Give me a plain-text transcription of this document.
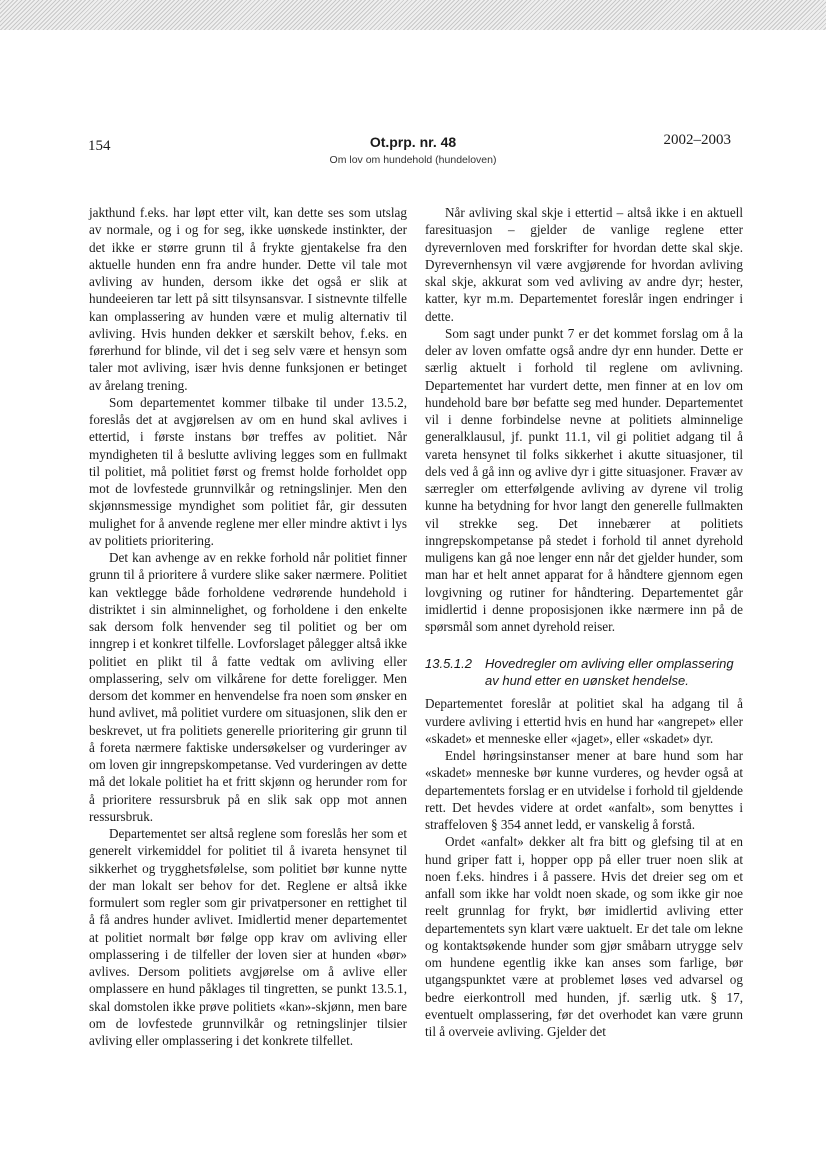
154	Ot.prp. nr. 48
Om lov om hundehold (hundeloven)
2002–2003

jakthund f.eks. har løpt etter vilt, kan dette ses som utslag av normale, og i og for seg, ikke uønskede instinkter, der det ikke er større grunn til å frykte gjentakelse fra den aktuelle hunden enn fra andre hunder. Dette vil tale mot avliving av hunden, dersom ikke det også er slik at hundeeieren tar lett på sitt tilsynsansvar. I sistnevnte tilfelle kan omplassering av hunden være et mulig alternativ til avliving. Hvis hunden dekker et særskilt behov, f.eks. en førerhund for blinde, vil det i seg selv være et hensyn som taler mot avliving, især hvis denne funksjonen er betinget av årelang trening.

Som departementet kommer tilbake til under 13.5.2, foreslås det at avgjørelsen av om en hund skal avlives i ettertid, i første instans bør treffes av politiet. Når myndigheten til å beslutte avliving legges som en fullmakt til politiet, må politiet først og fremst holde forholdet opp mot de lovfestede grunnvilkår og retningslinjer. Men den skjønnsmessige myndighet som politiet får, gir dessuten mulighet for å anvende reglene mer eller mindre aktivt i lys av politiets prioritering.

Det kan avhenge av en rekke forhold når politiet finner grunn til å prioritere å vurdere slike saker nærmere. Politiet kan vektlegge både forholdene vedrørende hundehold i distriktet i sin alminnelighet, og forholdene i den enkelte sak dersom folk henvender seg til politiet og ber om inngrep i et konkret tilfelle. Lovforslaget pålegger altså ikke politiet en plikt til å fatte vedtak om avliving eller omplassering, selv om vilkårene for dette foreligger. Men dersom det kommer en henvendelse fra noen som ønsker en hund avlivet, må politiet vurdere om situasjonen, slik den er beskrevet, ut fra politiets generelle prioritering gir grunn til å foreta nærmere faktiske undersøkelser og vurderinger av om loven gir inngrepskompetanse. Ved vurderingen av dette må det lokale politiet ha et fritt skjønn og herunder rom for å prioritere ressursbruk på en slik sak opp mot annen ressursbruk.

Departementet ser altså reglene som foreslås her som et generelt virkemiddel for politiet til å ivareta hensynet til sikkerhet og trygghetsfølelse, som politiet bør kunne nytte der man lokalt ser behov for det. Reglene er altså ikke formulert som regler som gir privatpersoner en rettighet til å få andres hunder avlivet. Imidlertid mener departementet at politiet normalt bør følge opp krav om avliving eller omplassering i de tilfeller der loven sier at hunden «bør» avlives. Dersom politiets avgjørelse om å avlive eller omplassere en hund påklages til tingretten, se punkt 13.5.1, skal domstolen ikke prøve politiets «kan»-skjønn, men bare om de lovfestede grunnvilkår og retningslinjer tilsier avliving eller omplassering i det konkrete tilfellet.

Når avliving skal skje i ettertid – altså ikke i en aktuell faresituasjon – gjelder de vanlige reglene etter dyrevernloven med forskrifter for hvordan dette skal skje. Dyrevernhensyn vil være avgjørende for hvordan avliving skal skje, akkurat som ved avliving av andre dyr; hester, katter, kyr m.m. Departementet foreslår ingen endringer i dette.

Som sagt under punkt 7 er det kommet forslag om å la deler av loven omfatte også andre dyr enn hunder. Dette er særlig aktuelt i forhold til reglene om avlivning. Departementet har vurdert dette, men finner at en lov om hundehold bare bør befatte seg med hunder. Departementet vil i denne forbindelse nevne at politiets alminnelige generalklausul, jf. punkt 11.1, vil gi politiet adgang til å vareta hensynet til folks sikkerhet i akutte situasjoner, til dels ved å gå inn og avlive dyr i gitte situasjoner. Fravær av særregler om etterfølgende avliving av dyrene vil trolig kunne ha betydning for hvor langt den generelle fullmakten vil strekke seg. Det innebærer at politiets inngrepskompetanse på stedet i forhold til annet dyrehold muligens kan gå noe lenger enn når det gjelder hunder, som man har et helt annet apparat for å håndtere gjennom egen lovgivning og rutiner for håndtering. Departementet går imidlertid i denne proposisjonen ikke nærmere inn på de spørsmål som annet dyrehold reiser.

13.5.1.2	Hovedregler om avliving eller omplassering av hund etter en uønsket hendelse.

Departementet foreslår at politiet skal ha adgang til å vurdere avliving i ettertid hvis en hund har «angrepet» eller «skadet» et menneske eller «jaget», eller «skadet» dyr.

Endel høringsinstanser mener at bare hund som har «skadet» menneske bør kunne vurderes, og hevder også at departementets forslag er en utvidelse i forhold til gjeldende rett. Det hevdes videre at ordet «anfalt», som benyttes i straffeloven § 354 annet ledd, er vanskelig å forstå.

Ordet «anfalt» dekker alt fra bitt og glefsing til at en hund griper fatt i, hopper opp på eller truer noen slik at noen f.eks. hindres i å passere. Hvis det dreier seg om et anfall som ikke har voldt noen skade, og som ikke gir noe reelt grunnlag for frykt, bør imidlertid avliving etter departementets syn klart være uaktuelt. Er det tale om lekne og kontaktsøkende hunder som gjør småbarn utrygge selv om hundene egentlig ikke kan anses som farlige, bør utgangspunktet være at problemet løses ved advarsel og bedre eierkontroll med hunden, jf. særlig utk. § 17, eventuelt omplassering, før det overhodet kan være grunn til å overveie avliving. Gjelder det
